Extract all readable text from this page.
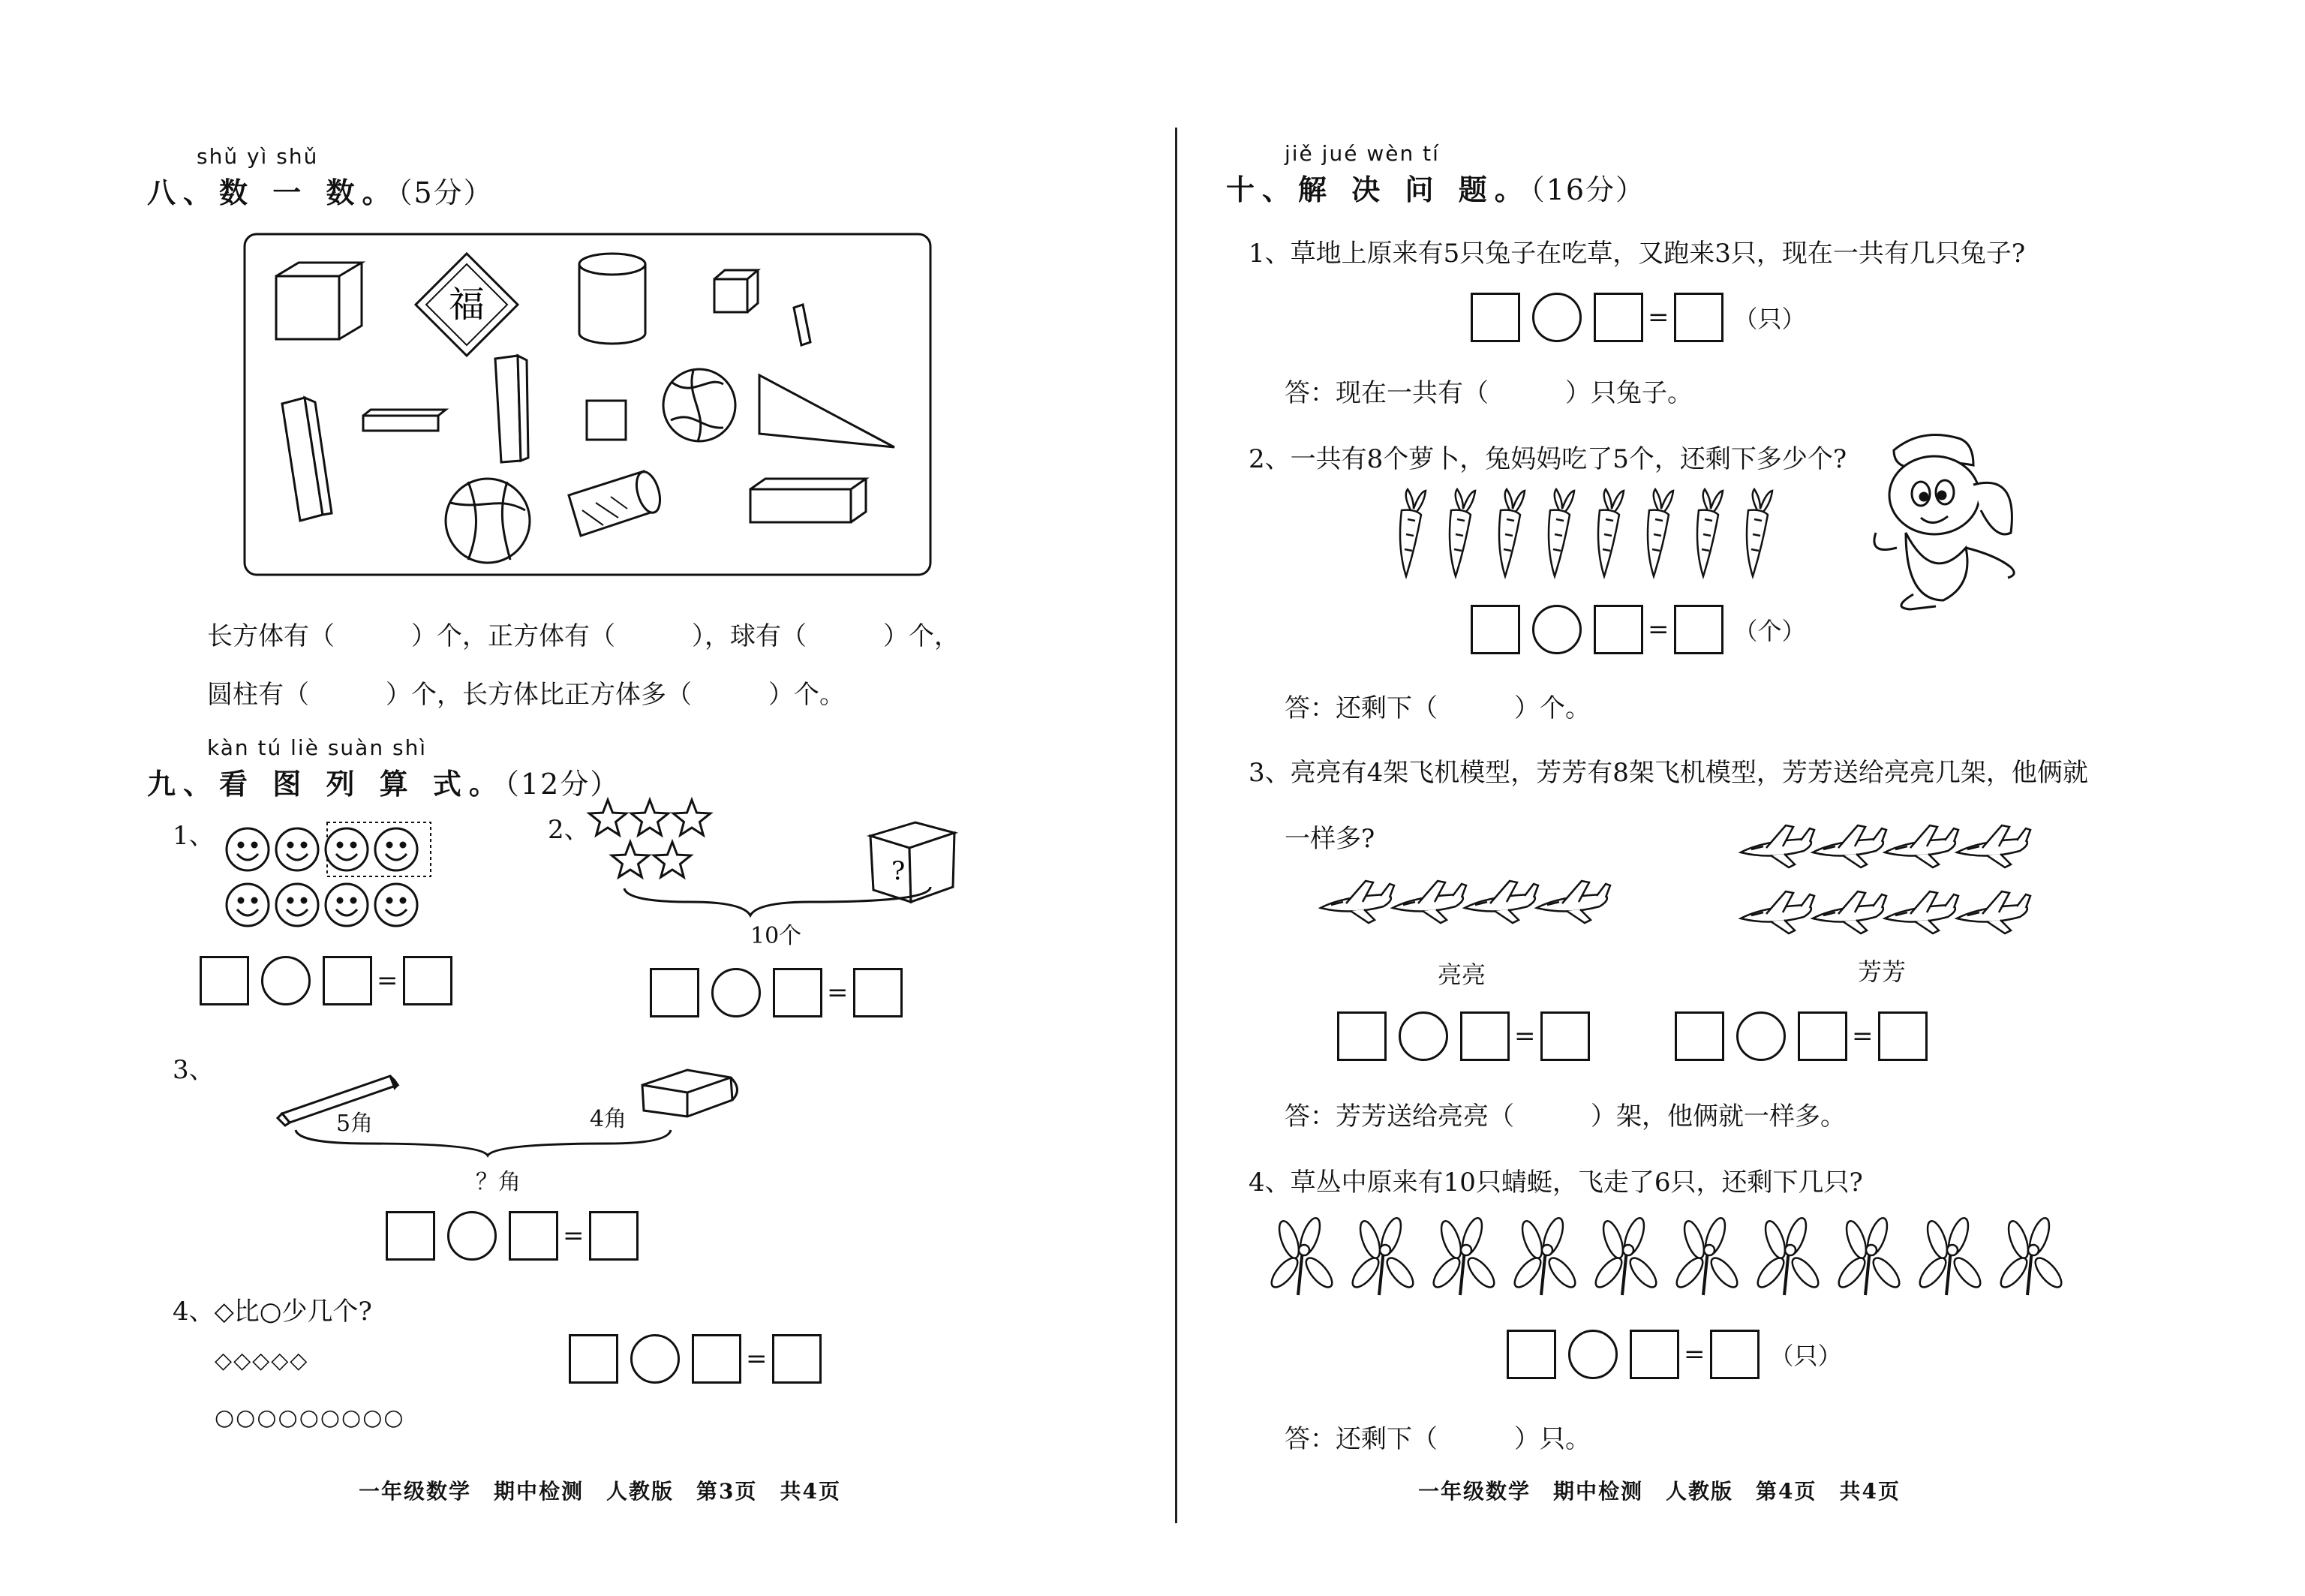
shǔ yì shǔ
八、数 一 数。（5分）
福
长方体有（　　　）个，正方体有（　　　），球有（　　　）个，
圆柱有（　　　）个，长方体比正方体多（　　　）个。
kàn tú liè suàn shì
九、看 图 列 算 式。（12分）
1、
=
2、
?
10个
=
3、
5角	4角
？角
=
4、◇比○少几个?
◇◇◇◇◇
○○○○○○○○○
=
一年级数学　期中检测　人教版　第3页　共4页
jiě jué wèn tí
十、解 决 问 题。（16分）
1、草地上原来有5只兔子在吃草，又跑来3只，现在一共有几只兔子?
=	（只）
答：现在一共有（　　　）只兔子。
2、一共有8个萝卜，兔妈妈吃了5个，还剩下多少个?
=	（个）
答：还剩下（　　　）个。
3、亮亮有4架飞机模型，芳芳有8架飞机模型，芳芳送给亮亮几架，他俩就
一样多?
亮亮	芳芳
=	=
答：芳芳送给亮亮（　　　）架，他俩就一样多。
4、草丛中原来有10只蜻蜓，飞走了6只，还剩下几只?
=	（只）
答：还剩下（　　　）只。
一年级数学　期中检测　人教版　第4页　共4页
